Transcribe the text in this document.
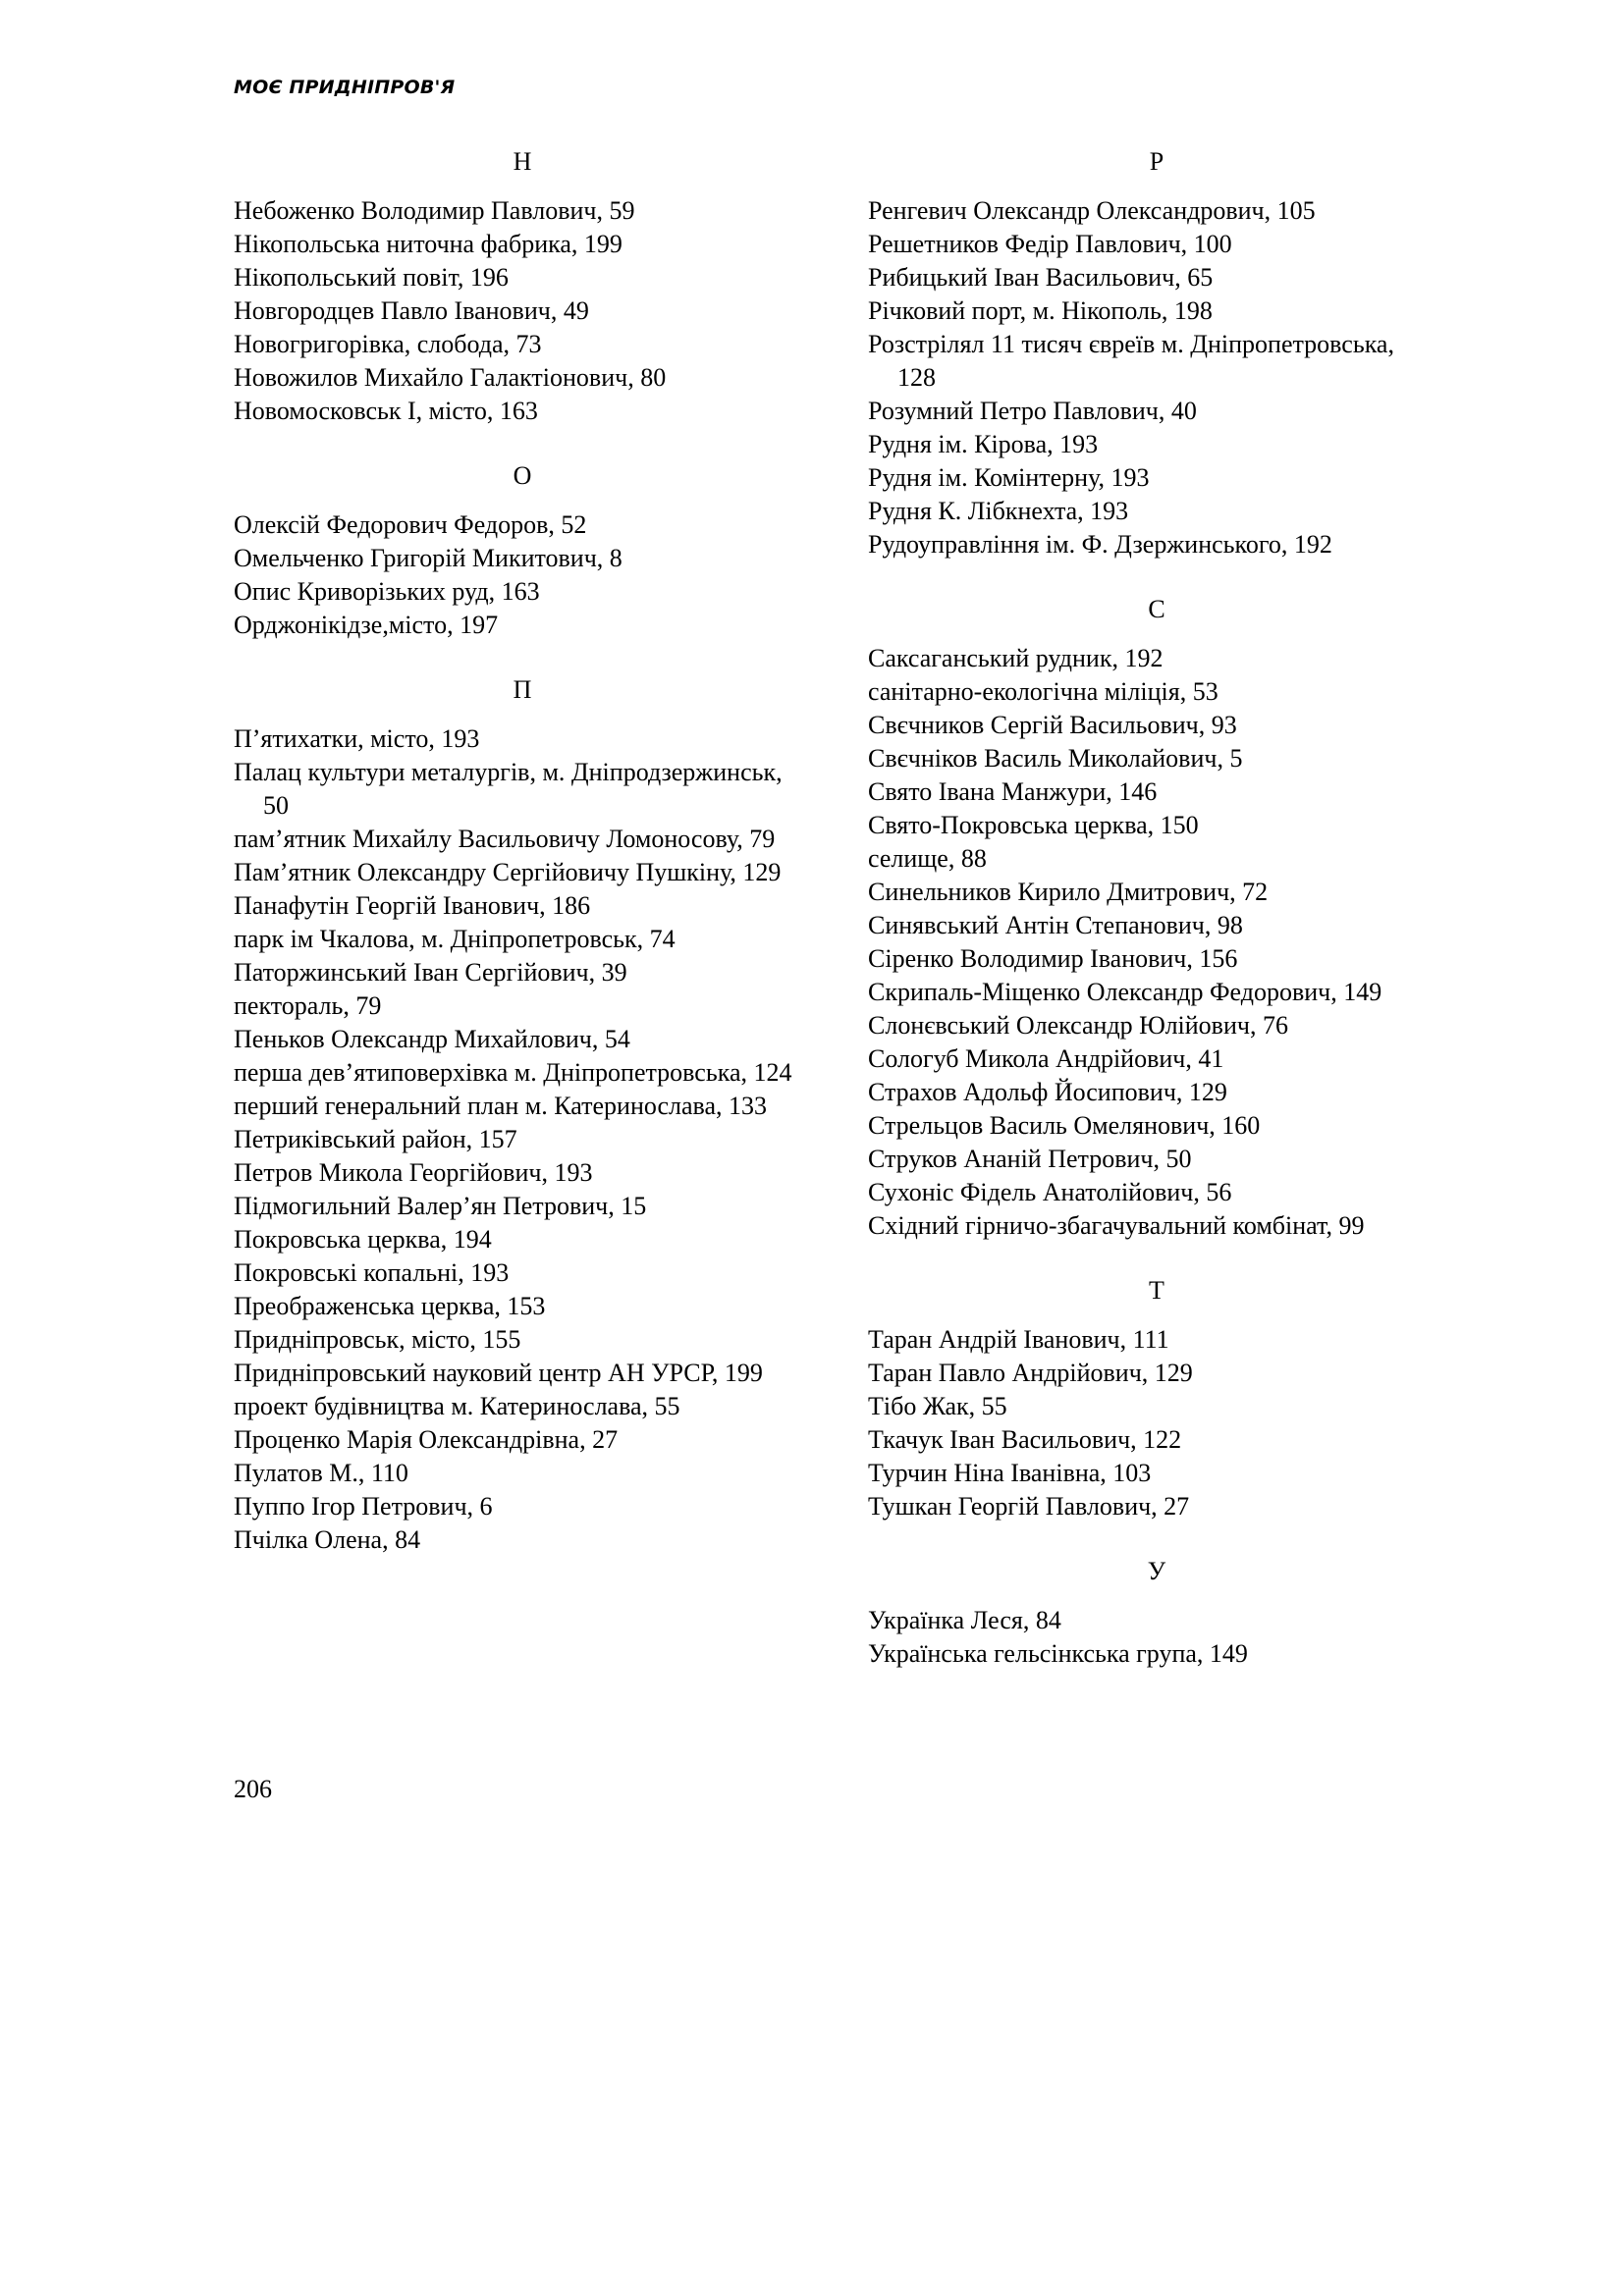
МОЄ ПРИДНІПРОВ'Я
Н

Небоженко Володимир Павлович, 59

Нікопольська ниточна фабрика, 199

Нікопольський повіт, 196

Новгородцев Павло Іванович, 49

Новогригорівка, слобода, 73

Новожилов Михайло Галактіонович, 80

Новомосковськ І, місто, 163

О

Олексій Федорович Федоров, 52

Омельченко Григорій Микитович, 8

Опис Криворізьких руд, 163

Орджонікідзе,місто, 197

П

П’ятихатки, місто, 193

Палац культури металургів, м. Дніпродзержинськ, 50

пам’ятник Михайлу Васильовичу Ломоносову, 79

Пам’ятник Олександру Сергійовичу Пушкіну, 129

Панафутін Георгій Іванович, 186

парк ім Чкалова, м. Дніпропетровськ, 74

Паторжинський Іван Сергійович, 39

пектораль, 79

Пеньков Олександр Михайлович, 54

перша дев’ятиповерхівка м. Дніпропетровська, 124

перший генеральний план м. Катеринослава, 133

Петриківський район, 157

Петров Микола Георгійович, 193

Підмогильний Валер’ян Петрович, 15

Покровська церква, 194

Покровські копальні, 193

Преображенська церква, 153

Придніпровськ, місто, 155

Придніпровський науковий центр АН УРСР, 199

проект будівництва м. Катеринослава, 55

Проценко Марія Олександрівна, 27

Пулатов М., 110

Пуппо Ігор Петрович, 6

Пчілка Олена, 84

Р

Ренгевич Олександр Олександрович, 105

Решетников Федір Павлович, 100

Рибицький Іван Васильович, 65

Річковий порт, м. Нікополь, 198

Розстрілял 11 тисяч євреїв м. Дніпропетровська, 128

Розумний Петро Павлович, 40

Рудня ім. Кірова, 193

Рудня ім. Комінтерну, 193

Рудня К. Лібкнехта, 193

Рудоуправління ім. Ф. Дзержинського, 192

С

Саксаганський рудник, 192

санітарно-екологічна міліція, 53

Свєчников Сергій Васильович, 93

Свєчніков Василь Миколайович, 5

Свято Івана Манжури, 146

Свято-Покровська церква, 150

селище, 88

Синельников Кирило Дмитрович, 72

Синявський Антін Степанович, 98

Сіренко Володимир Іванович, 156

Скрипаль-Міщенко Олександр Федорович, 149

Слонєвський Олександр Юлійович, 76

Сологуб Микола Андрійович, 41

Страхов Адольф Йосипович, 129

Стрельцов Василь Омелянович, 160

Струков Ананій Петрович, 50

Сухоніс Фідель Анатолійович, 56

Східний гірничо-збагачувальний комбінат, 99

Т

Таран Андрій Іванович, 111

Таран Павло Андрійович, 129

Тібо Жак, 55

Ткачук Іван Васильович, 122

Турчин Ніна Іванівна, 103

Тушкан Георгій Павлович, 27

У

Українка Леся, 84

Українська гельсінкська група, 149

206
